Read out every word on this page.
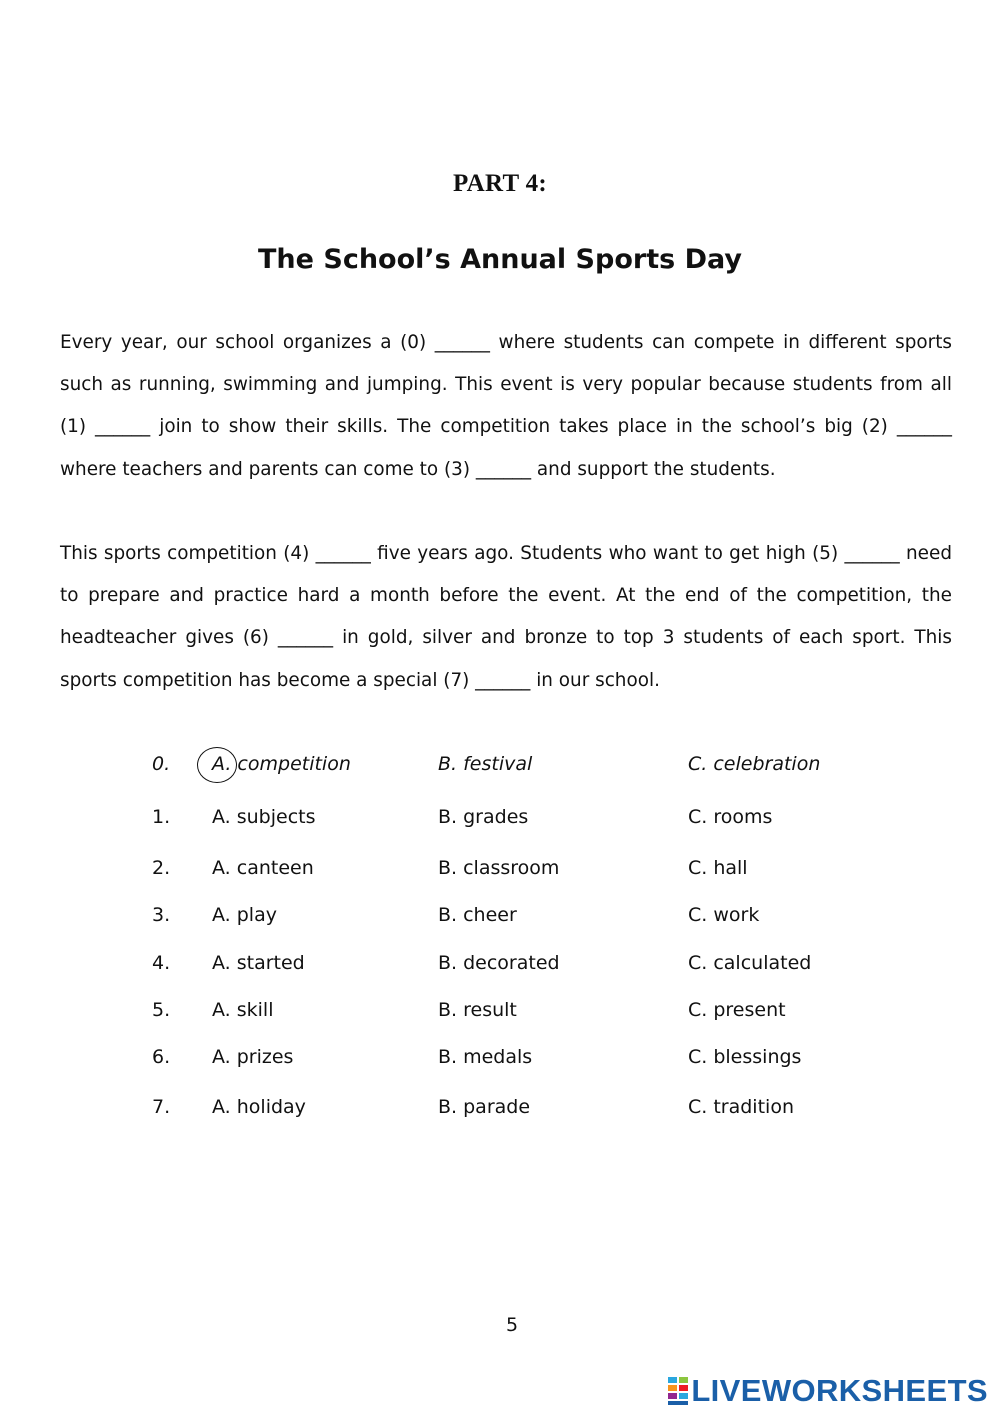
PART 4:
The School’s Annual Sports Day

Every year, our school organizes a (0) ______ where students can compete in different sports such as running, swimming and jumping. This event is very popular because students from all (1) ______ join to show their skills. The competition takes place in the school’s big (2) ______ where teachers and parents can come to (3) ______ and support the students.

This sports competition (4) ______ five years ago. Students who want to get high (5) ______ need to prepare and practice hard a month before the event. At the end of the competition, the headteacher gives (6) ______ in gold, silver and bronze to top 3 students of each sport. This sports competition has become a special (7) ______ in our school.

0. A. competition	B. festival	C. celebration
1. A. subjects	B. grades	C. rooms
2. A. canteen	B. classroom	C. hall
3. A. play	B. cheer	C. work
4. A. started	B. decorated	C. calculated
5. A. skill	B. result	C. present
6. A. prizes	B. medals	C. blessings
7. A. holiday	B. parade	C. tradition
5
LIVEWORKSHEETS
